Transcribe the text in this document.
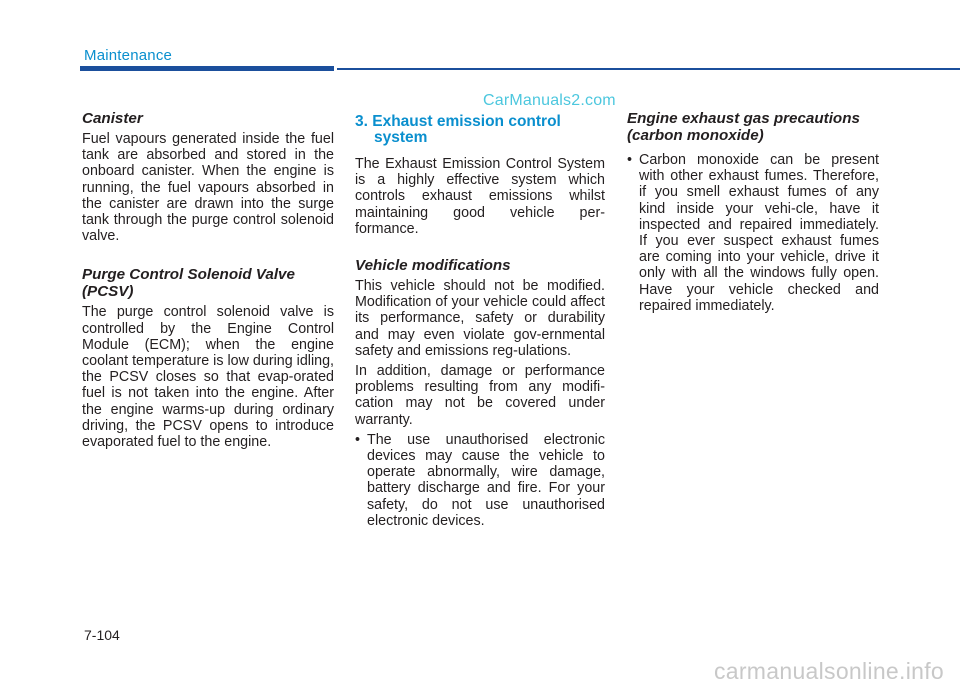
Maintenance
CarManuals2.com
Canister

Fuel vapours generated inside the fuel tank are absorbed and stored in the onboard canister. When the engine is running, the fuel vapours absorbed in the canister are drawn into the surge tank through the purge control solenoid valve.

Purge Control Solenoid Valve (PCSV)

The purge control solenoid valve is controlled by the Engine Control Module (ECM); when the engine coolant temperature is low during idling, the PCSV closes so that evap-orated fuel is not taken into the engine. After the engine warms-up during ordinary driving, the PCSV opens to introduce evaporated fuel to the engine.

3. Exhaust emission control system

The Exhaust Emission Control System is a highly effective system which controls exhaust emissions whilst maintaining good vehicle per-formance.

Vehicle modifications

This vehicle should not be modified. Modification of your vehicle could affect its performance, safety or durability and may even violate gov-ernmental safety and emissions reg-ulations.

In addition, damage or performance problems resulting from any modifi-cation may not be covered under warranty.

• The use unauthorised electronic devices may cause the vehicle to operate abnormally, wire damage, battery discharge and fire. For your safety, do not use unauthorised electronic devices.
Engine exhaust gas precautions (carbon monoxide)
• Carbon monoxide can be present with other exhaust fumes. Therefore, if you smell exhaust fumes of any kind inside your vehi-cle, have it inspected and repaired immediately. If you ever suspect exhaust fumes are coming into your vehicle, drive it only with all the windows fully open. Have your vehicle checked and repaired immediately.
7-104
carmanualsonline.info
